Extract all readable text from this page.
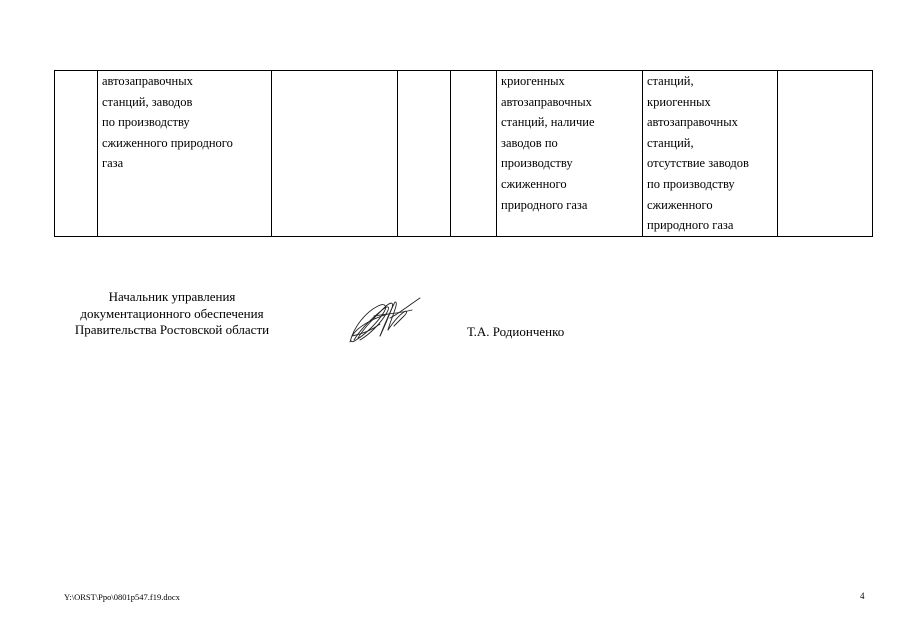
	автозаправочных
станций, заводов
по производству
сжиженного природного
газа				криогенных
автозаправочных
станций, наличие
заводов по
производству
сжиженного
природного газа	станций,
криогенных
автозаправочных
станций,
отсутствие заводов
по производству
сжиженного
природного газа	
Начальник управления
документационного обеспечения
Правительства Ростовской области	Т.А. Родионченко
Y:\ORST\Ppo\0801p547.f19.docx	4
